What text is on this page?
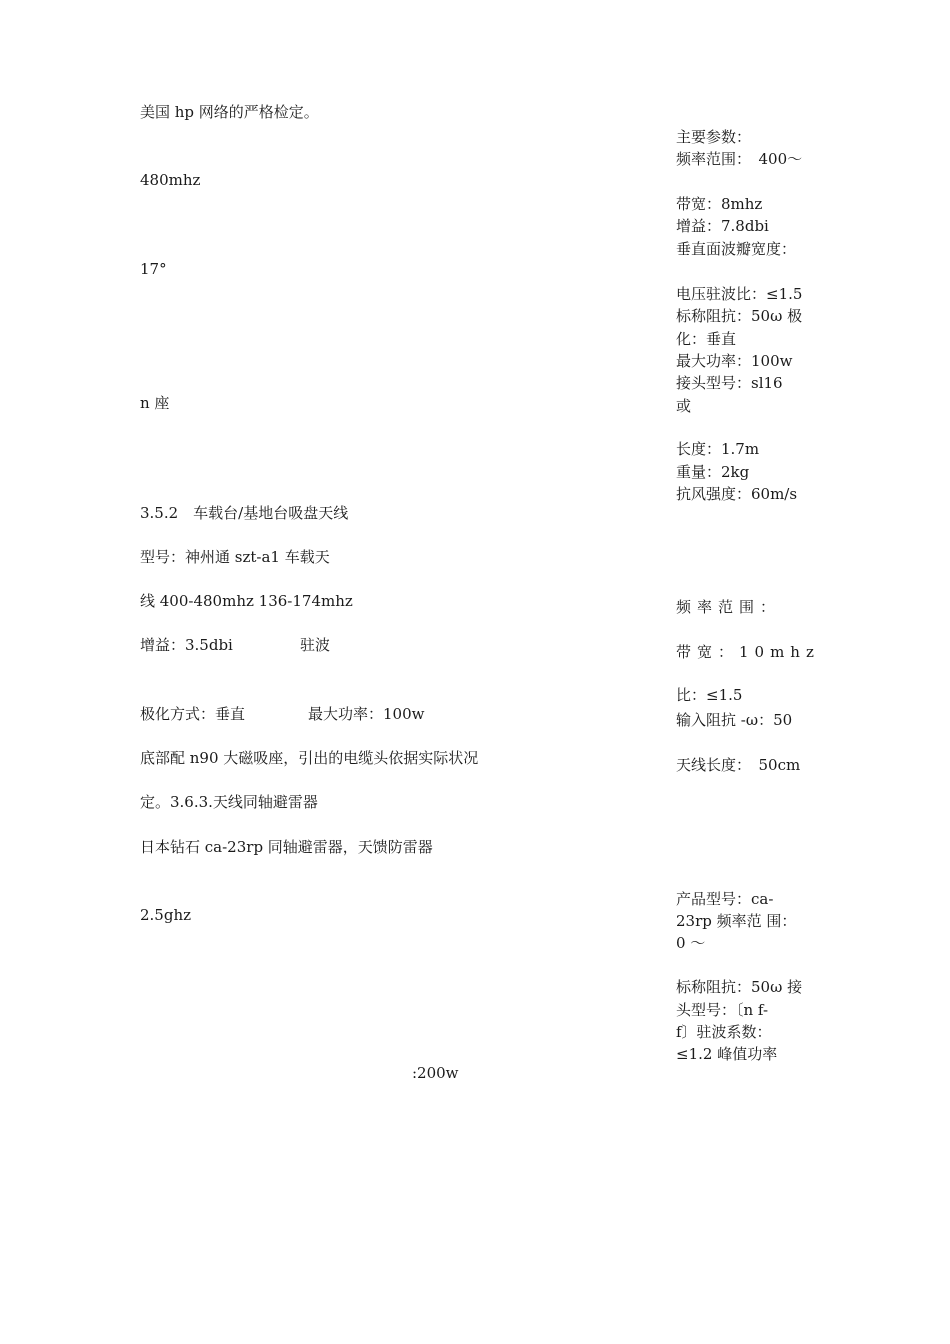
美国 hp 网络的严格检定。
480mhz
17°
n 座
3.5.2　车载台/基地台吸盘天线
型号：神州通 szt-a1 车载天
线 400-480mhz 136-174mhz
增益：3.5dbi	驻波
极化方式：垂直	最大功率：100w
底部配 n90 大磁吸座，引出的电缆头依据实际状况
定。3.6.3.天线同轴避雷器
日本钻石 ca-23rp 同轴避雷器，天馈防雷器
2.5ghz
:200w
主要参数：
频率范围：　400～
带宽：8mhz
增益：7.8dbi
垂直面波瓣宽度：
电压驻波比：≤1.5
标称阻抗：50ω 极
化：垂直
最大功率：100w
接头型号：sl16
或
长度：1.7m
重量：2kg
抗风强度：60m/s
频率范围：
带宽：10mhz
比：≤1.5
输入阻抗 -ω：50
天线长度：　50cm
产品型号：ca-
23rp 频率范 围：
0 ～
标称阻抗：50ω 接
头型号：〔n f-
f〕驻波系数：
≤1.2 峰值功率
